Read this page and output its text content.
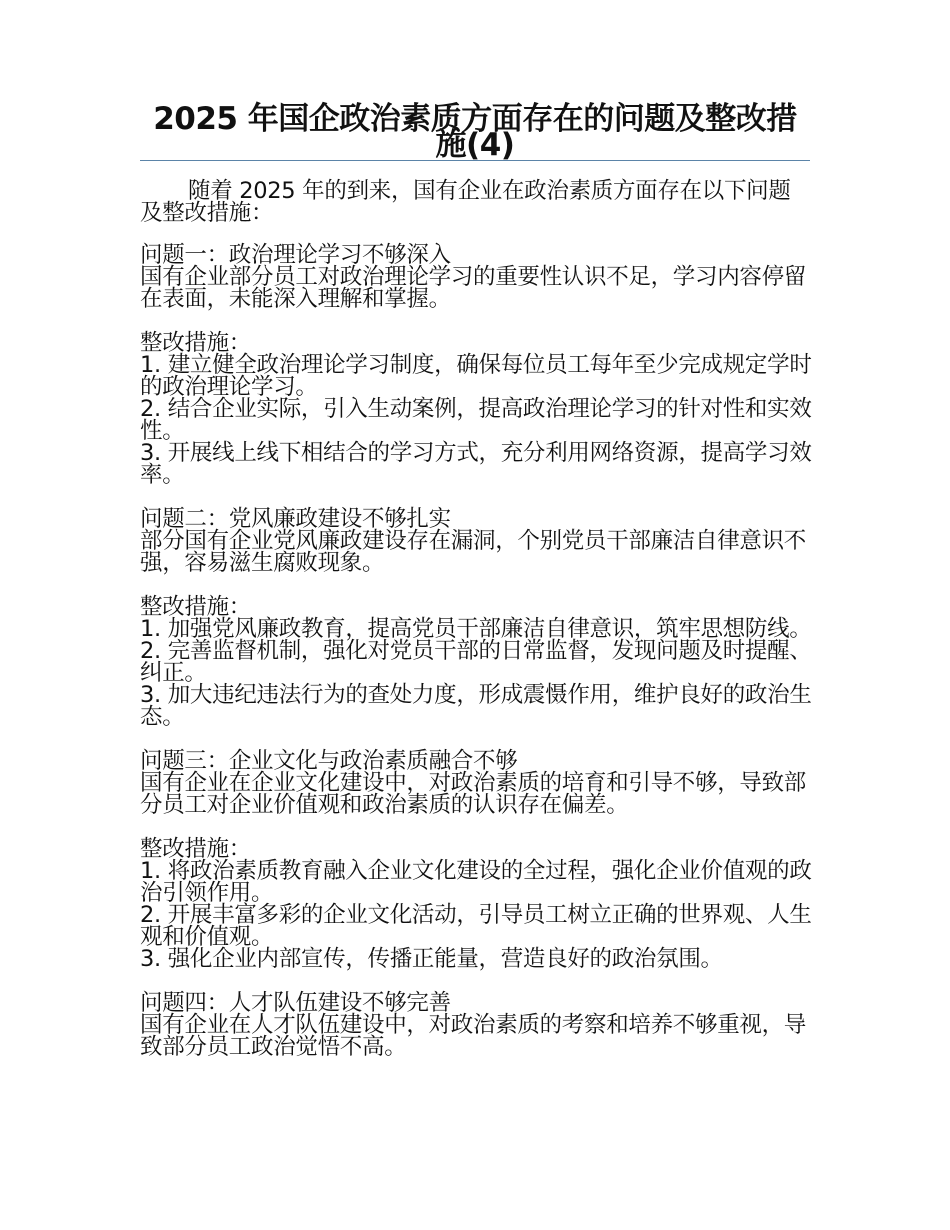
2025 年国企政治素质方面存在的问题及整改措施(4)

随着 2025 年的到来，国有企业在政治素质方面存在以下问题及整改措施：

问题一：政治理论学习不够深入

国有企业部分员工对政治理论学习的重要性认识不足，学习内容停留在表面，未能深入理解和掌握。

整改措施：

1. 建立健全政治理论学习制度，确保每位员工每年至少完成规定学时的政治理论学习。

2. 结合企业实际，引入生动案例，提高政治理论学习的针对性和实效性。

3. 开展线上线下相结合的学习方式，充分利用网络资源，提高学习效率。

问题二：党风廉政建设不够扎实

部分国有企业党风廉政建设存在漏洞，个别党员干部廉洁自律意识不强，容易滋生腐败现象。

整改措施：

1. 加强党风廉政教育，提高党员干部廉洁自律意识，筑牢思想防线。

2. 完善监督机制，强化对党员干部的日常监督，发现问题及时提醒、纠正。

3. 加大违纪违法行为的查处力度，形成震慑作用，维护良好的政治生态。

问题三：企业文化与政治素质融合不够

国有企业在企业文化建设中，对政治素质的培育和引导不够，导致部分员工对企业价值观和政治素质的认识存在偏差。

整改措施：

1. 将政治素质教育融入企业文化建设的全过程，强化企业价值观的政治引领作用。

2. 开展丰富多彩的企业文化活动，引导员工树立正确的世界观、人生观和价值观。

3. 强化企业内部宣传，传播正能量，营造良好的政治氛围。

问题四：人才队伍建设不够完善

国有企业在人才队伍建设中，对政治素质的考察和培养不够重视，导致部分员工政治觉悟不高。
